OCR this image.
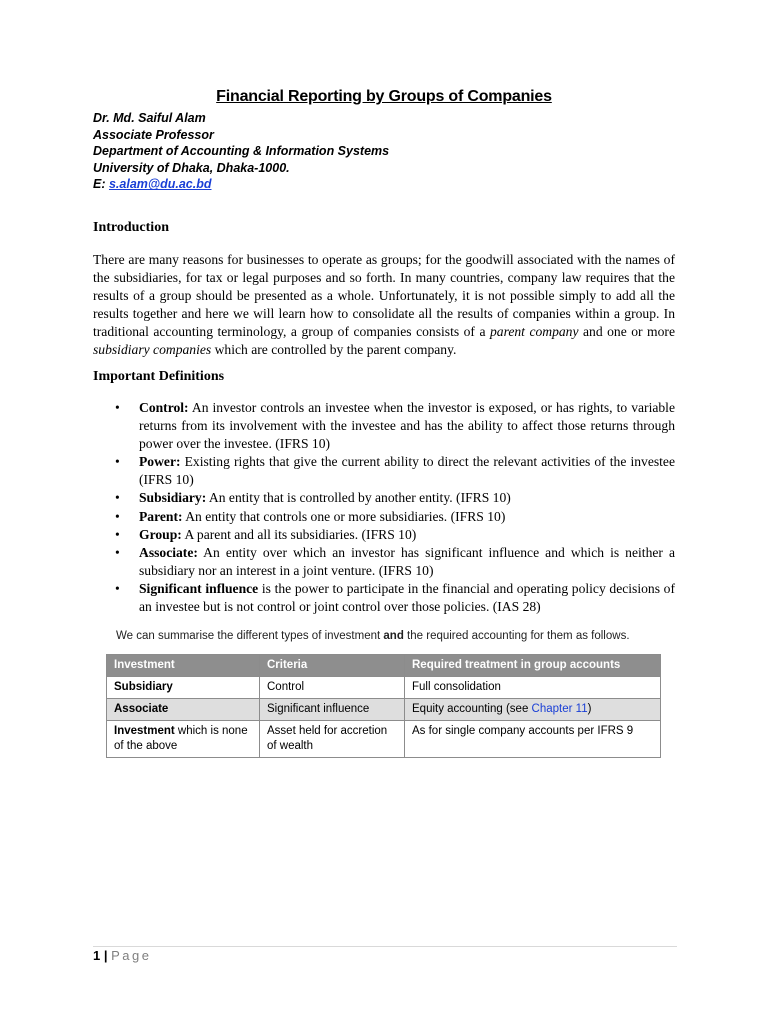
Financial Reporting by Groups of Companies
Dr. Md. Saiful Alam
Associate Professor
Department of Accounting & Information Systems
University of Dhaka, Dhaka-1000.
E: s.alam@du.ac.bd
Introduction
There are many reasons for businesses to operate as groups; for the goodwill associated with the names of the subsidiaries, for tax or legal purposes and so forth. In many countries, company law requires that the results of a group should be presented as a whole. Unfortunately, it is not possible simply to add all the results together and here we will learn how to consolidate all the results of companies within a group. In traditional accounting terminology, a group of companies consists of a parent company and one or more subsidiary companies which are controlled by the parent company.
Important Definitions
• Control: An investor controls an investee when the investor is exposed, or has rights, to variable returns from its involvement with the investee and has the ability to affect those returns through power over the investee. (IFRS 10)
• Power: Existing rights that give the current ability to direct the relevant activities of the investee (IFRS 10)
• Subsidiary: An entity that is controlled by another entity. (IFRS 10)
• Parent: An entity that controls one or more subsidiaries. (IFRS 10)
• Group: A parent and all its subsidiaries. (IFRS 10)
• Associate: An entity over which an investor has significant influence and which is neither a subsidiary nor an interest in a joint venture. (IFRS 10)
• Significant influence is the power to participate in the financial and operating policy decisions of an investee but is not control or joint control over those policies. (IAS 28)
We can summarise the different types of investment and the required accounting for them as follows.
Investment	Criteria	Required treatment in group accounts
Subsidiary	Control	Full consolidation
Associate	Significant influence	Equity accounting (see Chapter 11)
Investment which is none of the above	Asset held for accretion of wealth	As for single company accounts per IFRS 9
1 | Page
